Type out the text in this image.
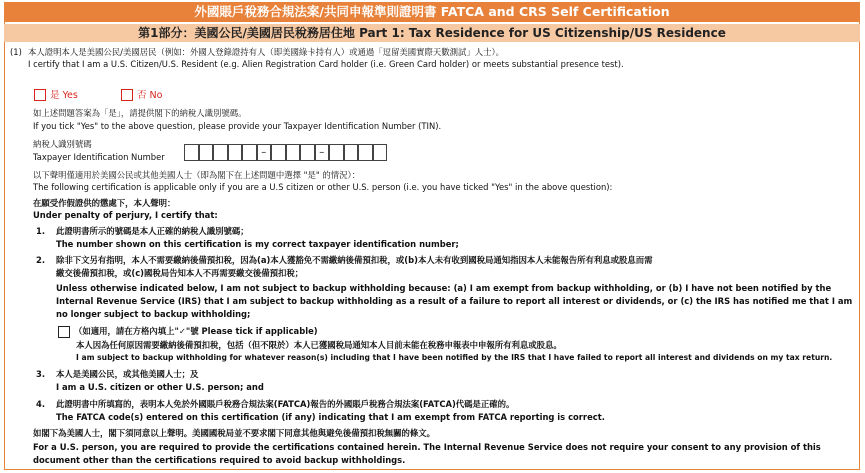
外國賬戶稅務合規法案/共同申報準則證明書 FATCA and CRS Self Certification
第1部分：美國公民/美國居民稅務居住地 Part 1: Tax Residence for US Citizenship/US Residence
(1) 本人證明本人是美國公民/美國居民（例如：外國人登錄證持有人（即美國綠卡持有人）或通過「逗留美國實際天數測試」人士）。
I certify that I am a U.S. Citizen/U.S. Resident (e.g. Alien Registration Card holder (i.e. Green Card holder) or meets substantial presence test).
是 Yes	否 No
如上述問題答案為「是」，請提供閣下的納稅人識別號碼。
If you tick "Yes" to the above question, please provide your Taxpayer Identification Number (TIN).
納稅人識別號碼
Taxpayer Identification Number	–	–
以下聲明僅適用於美國公民或其他美國人士（即為閣下在上述問題中選擇 "是" 的情況）：
The following certification is applicable only if you are a U.S citizen or other U.S. person (i.e. you have ticked "Yes" in the above question):
在願受作假證供的懲處下，本人聲明：
Under penalty of perjury, I certify that:
1. 此證明書所示的號碼是本人正確的納稅人識別號碼；
The number shown on this certification is my correct taxpayer identification number;
2. 除非下文另有指明，本人不需要繳納後備預扣稅，因為(a)本人獲豁免不需繳納後備預扣稅，或(b)本人未有收到國稅局通知指因本人未能報告所有利息或股息而需
繳交後備預扣稅，或(c)國稅局告知本人不再需要繳交後備預扣稅；
Unless otherwise indicated below, I am not subject to backup withholding because: (a) I am exempt from backup withholding, or (b) I have not been notified by the
Internal Revenue Service (IRS) that I am subject to backup withholding as a result of a failure to report all interest or dividends, or (c) the IRS has notified me that I am
no longer subject to backup withholding;
（如適用，請在方格內填上"✓"號 Please tick if applicable)
本人因為任何原因需要繳納後備預扣稅，包括（但不限於）本人已獲國稅局通知本人目前未能在稅務申報表中申報所有利息或股息。
I am subject to backup withholding for whatever reason(s) including that I have been notified by the IRS that I have failed to report all interest and dividends on my tax return.
3. 本人是美國公民，或其他美國人士；及
I am a U.S. citizen or other U.S. person; and
4. 此證明書中所填寫的，表明本人免於外國賬戶稅務合規法案(FATCA)報告的外國賬戶稅務合規法案(FATCA)代碼是正確的。
The FATCA code(s) entered on this certification (if any) indicating that I am exempt from FATCA reporting is correct.
如閣下為美國人士，閣下須同意以上聲明。美國國稅局並不要求閣下同意其他與避免後備預扣稅無關的條文。
For a U.S. person, you are required to provide the certifications contained herein. The Internal Revenue Service does not require your consent to any provision of this
document other than the certifications required to avoid backup withholdings.
